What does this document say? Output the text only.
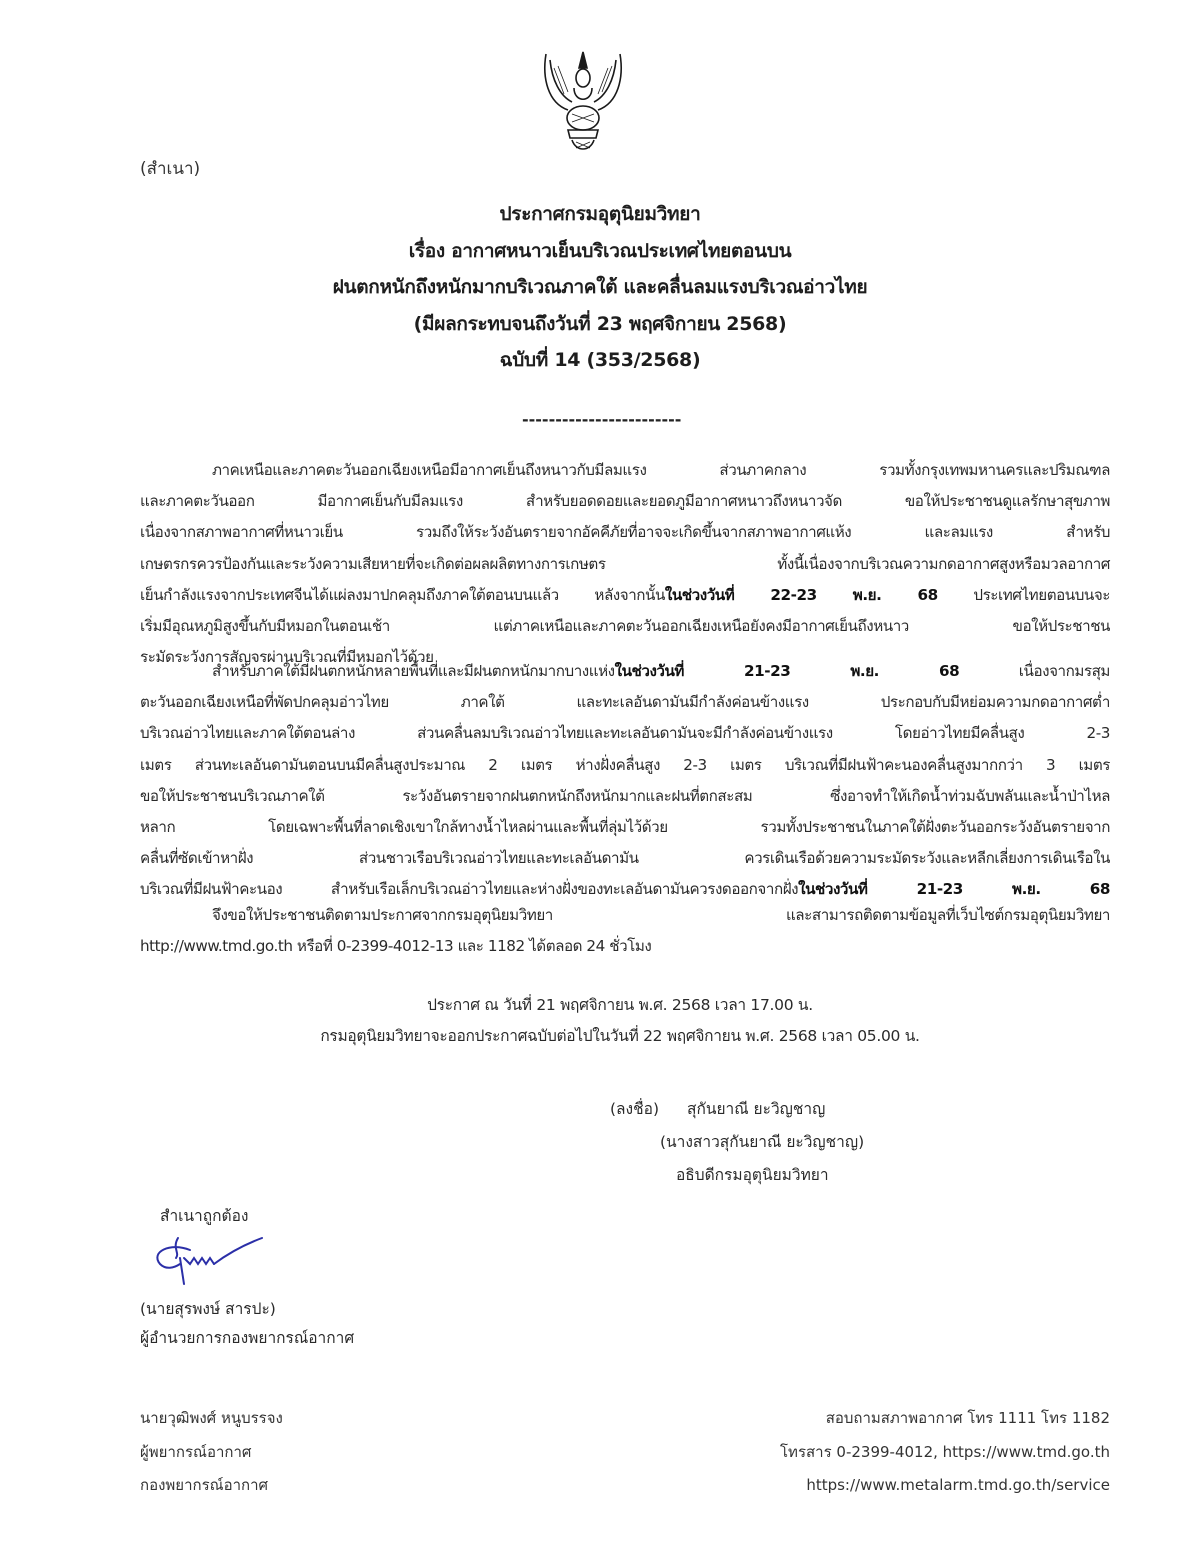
(สำเนา)
ประกาศกรมอุตุนิยมวิทยา
เรื่อง อากาศหนาวเย็นบริเวณประเทศไทยตอนบน
ฝนตกหนักถึงหนักมากบริเวณภาคใต้ และคลื่นลมแรงบริเวณอ่าวไทย
(มีผลกระทบจนถึงวันที่ 23 พฤศจิกายน 2568)
ฉบับที่ 14 (353/2568)
------------------------
ภาคเหนือและภาคตะวันออกเฉียงเหนือมีอากาศเย็นถึงหนาวกับมีลมแรง ส่วนภาคกลาง รวมทั้งกรุงเทพมหานครและปริมณฑล
และภาคตะวันออก มีอากาศเย็นกับมีลมแรง สำหรับยอดดอยและยอดภูมีอากาศหนาวถึงหนาวจัด ขอให้ประชาชนดูแลรักษาสุขภาพ
เนื่องจากสภาพอากาศที่หนาวเย็น รวมถึงให้ระวังอันตรายจากอัคคีภัยที่อาจจะเกิดขึ้นจากสภาพอากาศแห้ง และลมแรง สำหรับ
เกษตรกรควรป้องกันและระวังความเสียหายที่จะเกิดต่อผลผลิตทางการเกษตร ทั้งนี้เนื่องจากบริเวณความกดอากาศสูงหรือมวลอากาศ
เย็นกำลังแรงจากประเทศจีนได้แผ่ลงมาปกคลุมถึงภาคใต้ตอนบนแล้ว หลังจากนั้นในช่วงวันที่ 22-23 พ.ย. 68 ประเทศไทยตอนบนจะ
เริ่มมีอุณหภูมิสูงขึ้นกับมีหมอกในตอนเช้า แต่ภาคเหนือและภาคตะวันออกเฉียงเหนือยังคงมีอากาศเย็นถึงหนาว ขอให้ประชาชน
ระมัดระวังการสัญจรผ่านบริเวณที่มีหมอกไว้ด้วย
สำหรับภาคใต้มีฝนตกหนักหลายพื้นที่และมีฝนตกหนักมากบางแห่งในช่วงวันที่ 21-23 พ.ย. 68 เนื่องจากมรสุม
ตะวันออกเฉียงเหนือที่พัดปกคลุมอ่าวไทย ภาคใต้ และทะเลอันดามันมีกำลังค่อนข้างแรง ประกอบกับมีหย่อมความกดอากาศต่ำ
บริเวณอ่าวไทยและภาคใต้ตอนล่าง ส่วนคลื่นลมบริเวณอ่าวไทยและทะเลอันดามันจะมีกำลังค่อนข้างแรง โดยอ่าวไทยมีคลื่นสูง 2-3
เมตร ส่วนทะเลอันดามันตอนบนมีคลื่นสูงประมาณ 2 เมตร ห่างฝั่งคลื่นสูง 2-3 เมตร บริเวณที่มีฝนฟ้าคะนองคลื่นสูงมากกว่า 3 เมตร
ขอให้ประชาชนบริเวณภาคใต้ ระวังอันตรายจากฝนตกหนักถึงหนักมากและฝนที่ตกสะสม ซึ่งอาจทำให้เกิดน้ำท่วมฉับพลันและน้ำป่าไหล
หลาก โดยเฉพาะพื้นที่ลาดเชิงเขาใกล้ทางน้ำไหลผ่านและพื้นที่ลุ่มไว้ด้วย รวมทั้งประชาชนในภาคใต้ฝั่งตะวันออกระวังอันตรายจาก
คลื่นที่ซัดเข้าหาฝั่ง ส่วนชาวเรือบริเวณอ่าวไทยและทะเลอันดามัน ควรเดินเรือด้วยความระมัดระวังและหลีกเลี่ยงการเดินเรือใน
บริเวณที่มีฝนฟ้าคะนอง สำหรับเรือเล็กบริเวณอ่าวไทยและห่างฝั่งของทะเลอันดามันควรงดออกจากฝั่งในช่วงวันที่ 21-23 พ.ย. 68
จึงขอให้ประชาชนติดตามประกาศจากกรมอุตุนิยมวิทยา และสามารถติดตามข้อมูลที่เว็บไซต์กรมอุตุนิยมวิทยา
http://www.tmd.go.th หรือที่ 0-2399-4012-13 และ 1182 ได้ตลอด 24 ชั่วโมง
ประกาศ ณ วันที่ 21 พฤศจิกายน พ.ศ. 2568 เวลา 17.00 น.
กรมอุตุนิยมวิทยาจะออกประกาศฉบับต่อไปในวันที่ 22 พฤศจิกายน พ.ศ. 2568 เวลา 05.00 น.
(ลงชื่อ) สุกันยาณี ยะวิญชาญ
(นางสาวสุกันยาณี ยะวิญชาญ)
อธิบดีกรมอุตุนิยมวิทยา
สำเนาถูกต้อง
(นายสุรพงษ์ สารปะ)
ผู้อำนวยการกองพยากรณ์อากาศ
นายวุฒิพงศ์ หนูบรรจง
ผู้พยากรณ์อากาศ
กองพยากรณ์อากาศ
สอบถามสภาพอากาศ โทร 1111 โทร 1182
โทรสาร 0-2399-4012, https://www.tmd.go.th
https://www.metalarm.tmd.go.th/service
